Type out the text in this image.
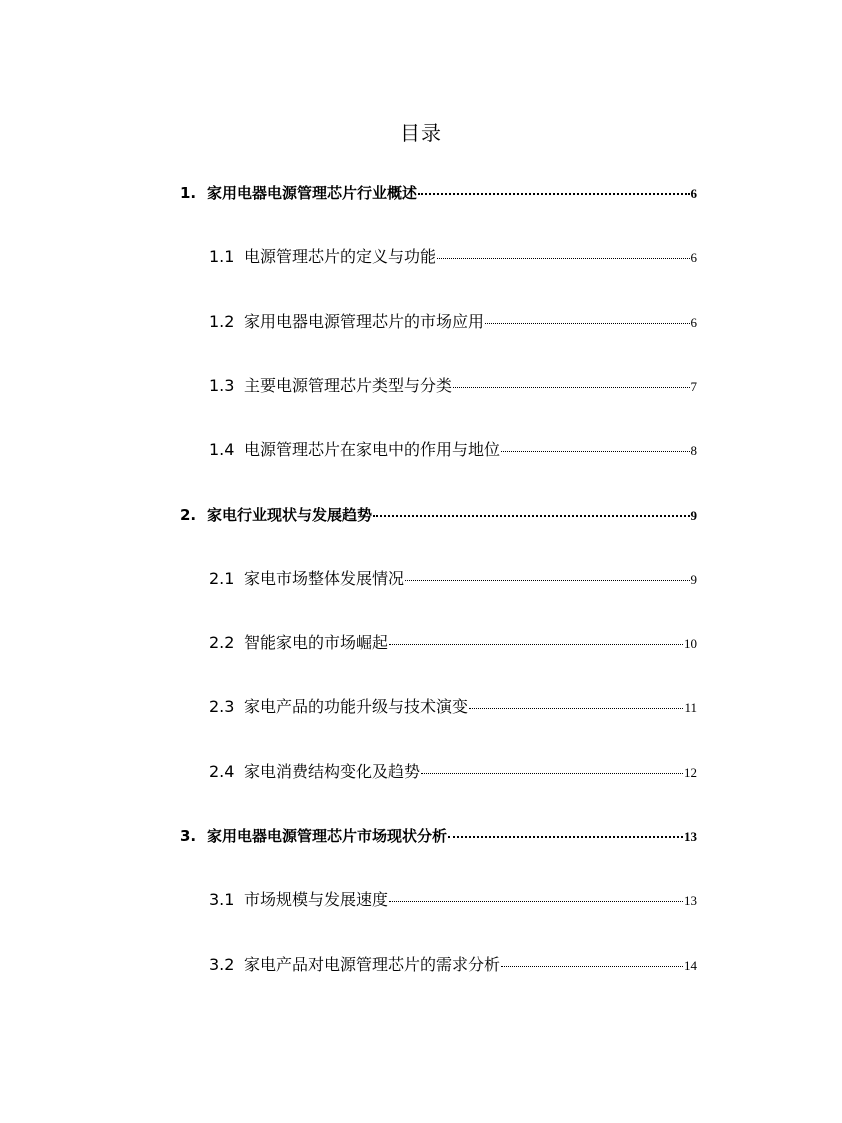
目录
1. 家用电器电源管理芯片行业概述	6
1.1 电源管理芯片的定义与功能	6
1.2 家用电器电源管理芯片的市场应用	6
1.3 主要电源管理芯片类型与分类	7
1.4 电源管理芯片在家电中的作用与地位	8
2. 家电行业现状与发展趋势	9
2.1 家电市场整体发展情况	9
2.2 智能家电的市场崛起	10
2.3 家电产品的功能升级与技术演变	11
2.4 家电消费结构变化及趋势	12
3. 家用电器电源管理芯片市场现状分析	13
3.1 市场规模与发展速度	13
3.2 家电产品对电源管理芯片的需求分析	14
